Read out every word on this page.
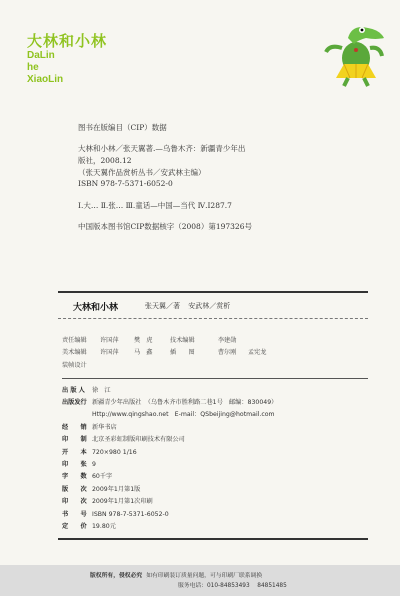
大林和小林
DaLin
he
XiaoLin
图书在版编目（CIP）数据
大林和小林／张天翼著.—乌鲁木齐：新疆青少年出
版社，2008.12
（张天翼作品赏析丛书／安武林主编）
ISBN 978-7-5371-6052-0
Ⅰ.大… Ⅱ.张… Ⅲ.童话—中国—当代 Ⅳ.I287.7
中国版本图书馆CIP数据核字（2008）第197326号
大林和小林	张天翼／著 安武林／赏析
责任编辑 许国萍 樊　虎	技术编辑	李建勋
美术编辑 许国萍 马　鑫	插　　图	曹尔刚 孟宪龙
装帧设计
出 版 人 徐　江
出版发行 新疆青少年出版社　（乌鲁木齐市胜利路二巷1号　邮编：830049）
Http://www.qingshao.net　E-mail：QSbeijing@hotmail.com
经　　销 新华书店
印　　制 北京圣彩虹制版印刷技术有限公司
开　　本 720×980 1/16
印　　张 9
字　　数 60千字
版　　次 2009年1月第1版
印　　次 2009年1月第1次印刷
书　　号 ISBN 978-7-5371-6052-0
定　　价 19.80元
版权所有，侵权必究 如有印刷装订质量问题，可与印刷厂联系调换
服务电话：010-84853493　 84851485
